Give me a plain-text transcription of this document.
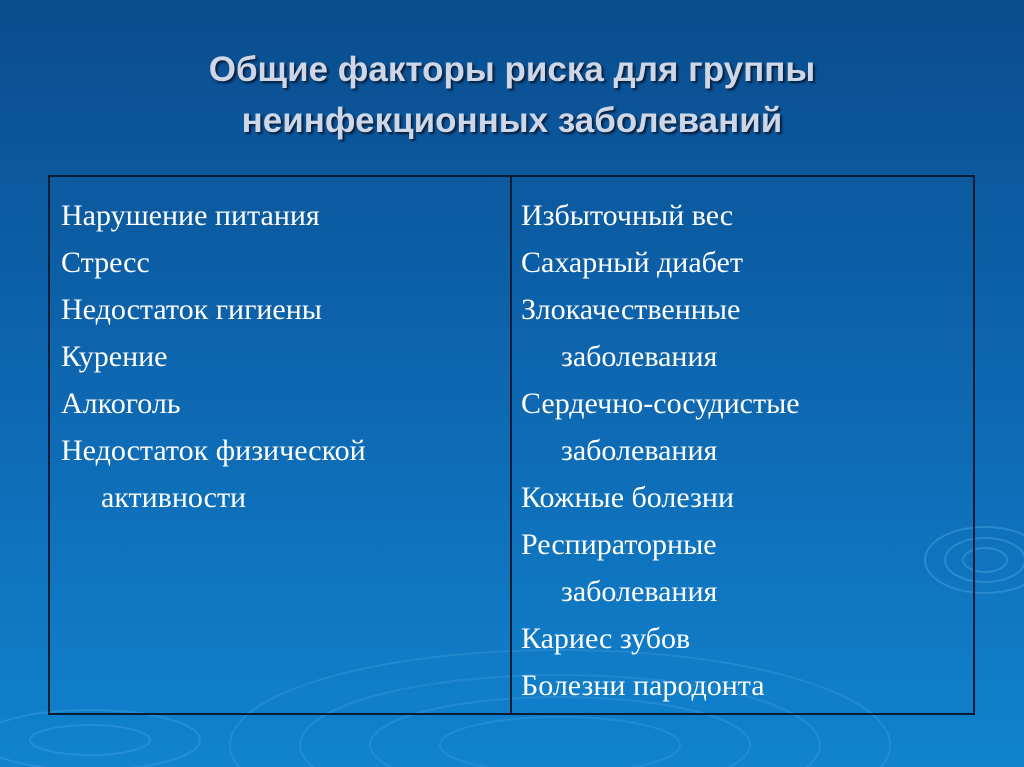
Общие факторы риска для группы
неинфекционных заболеваний
Нарушение питания
Стресс
Недостаток гигиены
Курение
Алкоголь
Недостаток физической
активности
Избыточный вес
Сахарный диабет
Злокачественные
заболевания
Сердечно-сосудистые
заболевания
Кожные болезни
Респираторные
заболевания
Кариес зубов
Болезни пародонта
